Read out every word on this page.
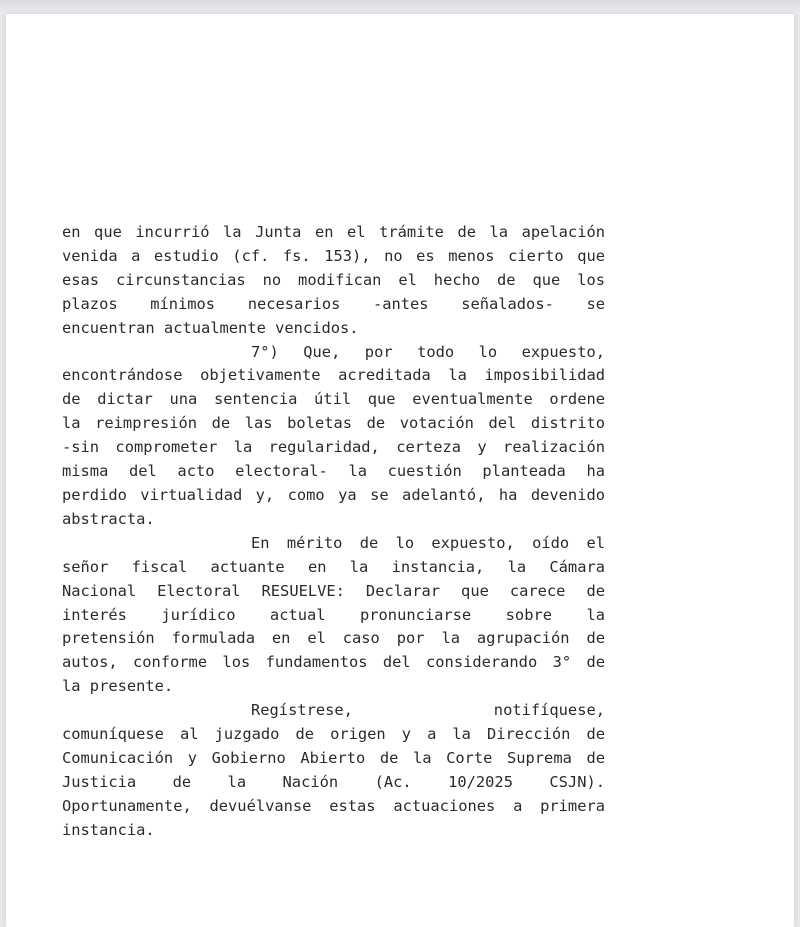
en que incurrió la Junta en el trámite de la apelación
venida a estudio (cf. fs. 153), no es menos cierto que
esas circunstancias no modifican el hecho de que los
plazos mínimos necesarios -antes señalados- se
encuentran actualmente vencidos.
7°) Que, por todo lo expuesto,
encontrándose objetivamente acreditada la imposibilidad
de dictar una sentencia útil que eventualmente ordene
la reimpresión de las boletas de votación del distrito
-sin comprometer la regularidad, certeza y realización
misma del acto electoral- la cuestión planteada ha
perdido virtualidad y, como ya se adelantó, ha devenido
abstracta.
En mérito de lo expuesto, oído el
señor fiscal actuante en la instancia, la Cámara
Nacional Electoral RESUELVE: Declarar que carece de
interés jurídico actual pronunciarse sobre la
pretensión formulada en el caso por la agrupación de
autos, conforme los fundamentos del considerando 3° de
la presente.
Regístrese, notifíquese,
comuníquese al juzgado de origen y a la Dirección de
Comunicación y Gobierno Abierto de la Corte Suprema de
Justicia de la Nación (Ac. 10/2025 CSJN).
Oportunamente, devuélvanse estas actuaciones a primera
instancia.
